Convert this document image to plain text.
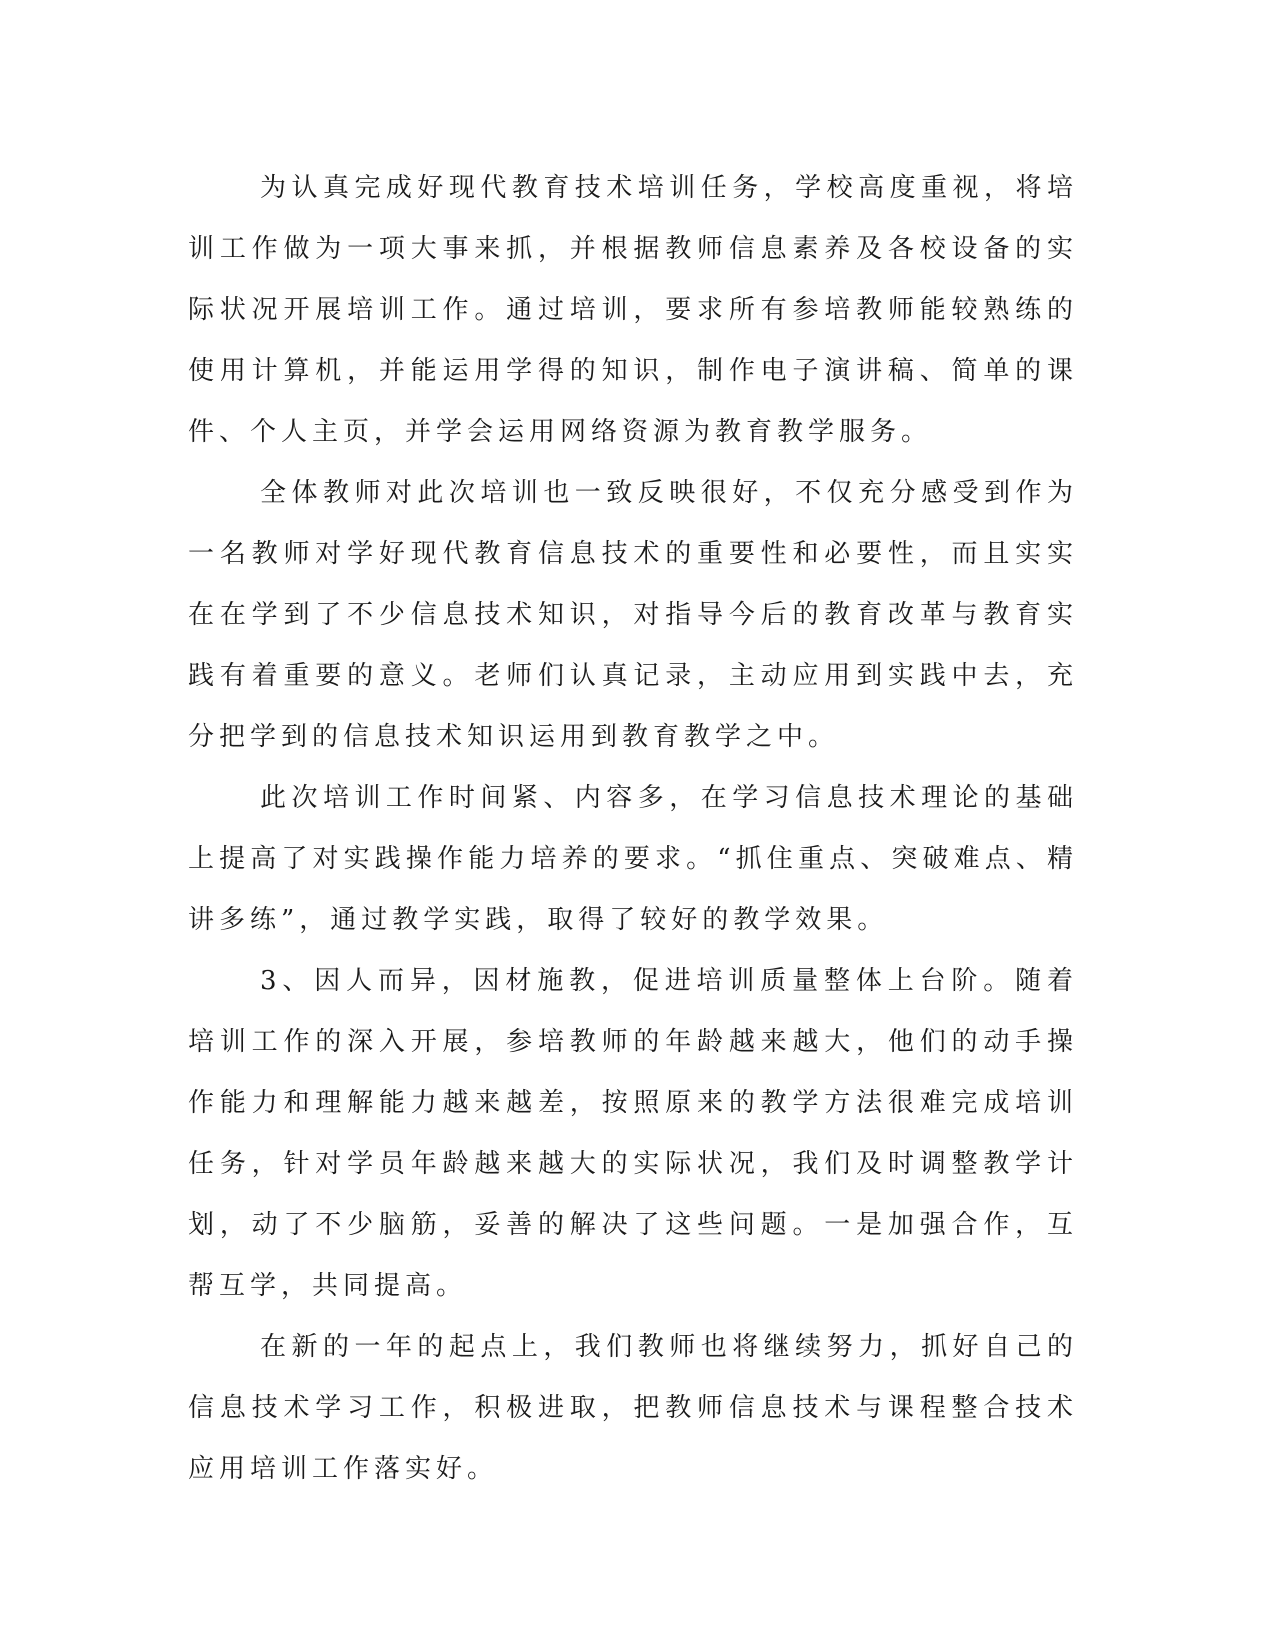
为认真完成好现代教育技术培训任务，学校高度重视，将培训工作做为一项大事来抓，并根据教师信息素养及各校设备的实际状况开展培训工作。通过培训，要求所有参培教师能较熟练的使用计算机，并能运用学得的知识，制作电子演讲稿、简单的课件、个人主页，并学会运用网络资源为教育教学服务。

全体教师对此次培训也一致反映很好，不仅充分感受到作为一名教师对学好现代教育信息技术的重要性和必要性，而且实实在在学到了不少信息技术知识，对指导今后的教育改革与教育实践有着重要的意义。老师们认真记录，主动应用到实践中去，充分把学到的信息技术知识运用到教育教学之中。

此次培训工作时间紧、内容多，在学习信息技术理论的基础上提高了对实践操作能力培养的要求。“抓住重点、突破难点、精讲多练”，通过教学实践，取得了较好的教学效果。

3、因人而异，因材施教，促进培训质量整体上台阶。随着培训工作的深入开展，参培教师的年龄越来越大，他们的动手操作能力和理解能力越来越差，按照原来的教学方法很难完成培训任务，针对学员年龄越来越大的实际状况，我们及时调整教学计划，动了不少脑筋，妥善的解决了这些问题。一是加强合作，互帮互学，共同提高。

在新的一年的起点上，我们教师也将继续努力，抓好自己的信息技术学习工作，积极进取，把教师信息技术与课程整合技术应用培训工作落实好。
